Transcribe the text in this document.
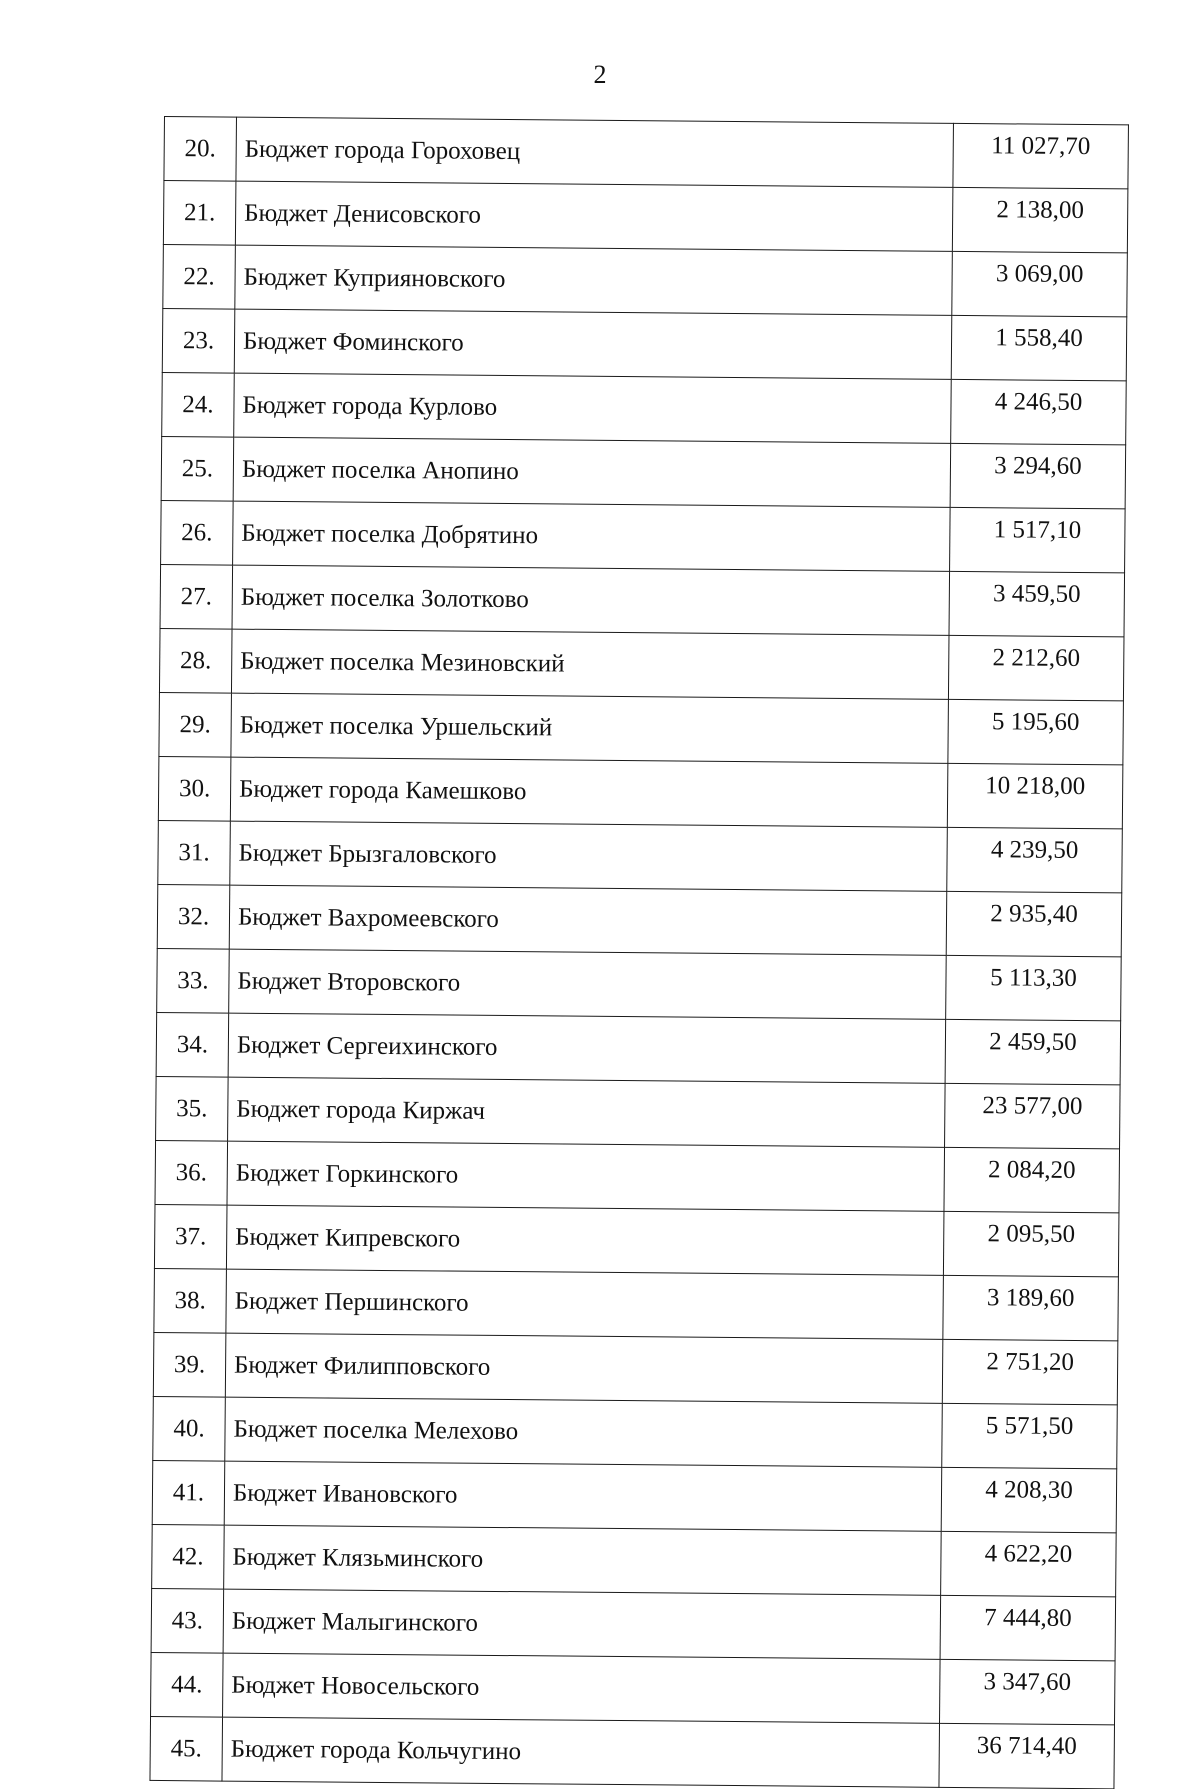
2
20.	Бюджет города Гороховец	11 027,70
21.	Бюджет Денисовского	2 138,00
22.	Бюджет Куприяновского	3 069,00
23.	Бюджет Фоминского	1 558,40
24.	Бюджет города Курлово	4 246,50
25.	Бюджет поселка Анопино	3 294,60
26.	Бюджет поселка Добрятино	1 517,10
27.	Бюджет поселка Золотково	3 459,50
28.	Бюджет поселка Мезиновский	2 212,60
29.	Бюджет поселка Уршельский	5 195,60
30.	Бюджет города Камешково	10 218,00
31.	Бюджет Брызгаловского	4 239,50
32.	Бюджет Вахромеевского	2 935,40
33.	Бюджет Второвского	5 113,30
34.	Бюджет Сергеихинского	2 459,50
35.	Бюджет города Киржач	23 577,00
36.	Бюджет Горкинского	2 084,20
37.	Бюджет Кипревского	2 095,50
38.	Бюджет Першинского	3 189,60
39.	Бюджет Филипповского	2 751,20
40.	Бюджет поселка Мелехово	5 571,50
41.	Бюджет Ивановского	4 208,30
42.	Бюджет Клязьминского	4 622,20
43.	Бюджет Малыгинского	7 444,80
44.	Бюджет Новосельского	3 347,60
45.	Бюджет города Кольчугино	36 714,40
